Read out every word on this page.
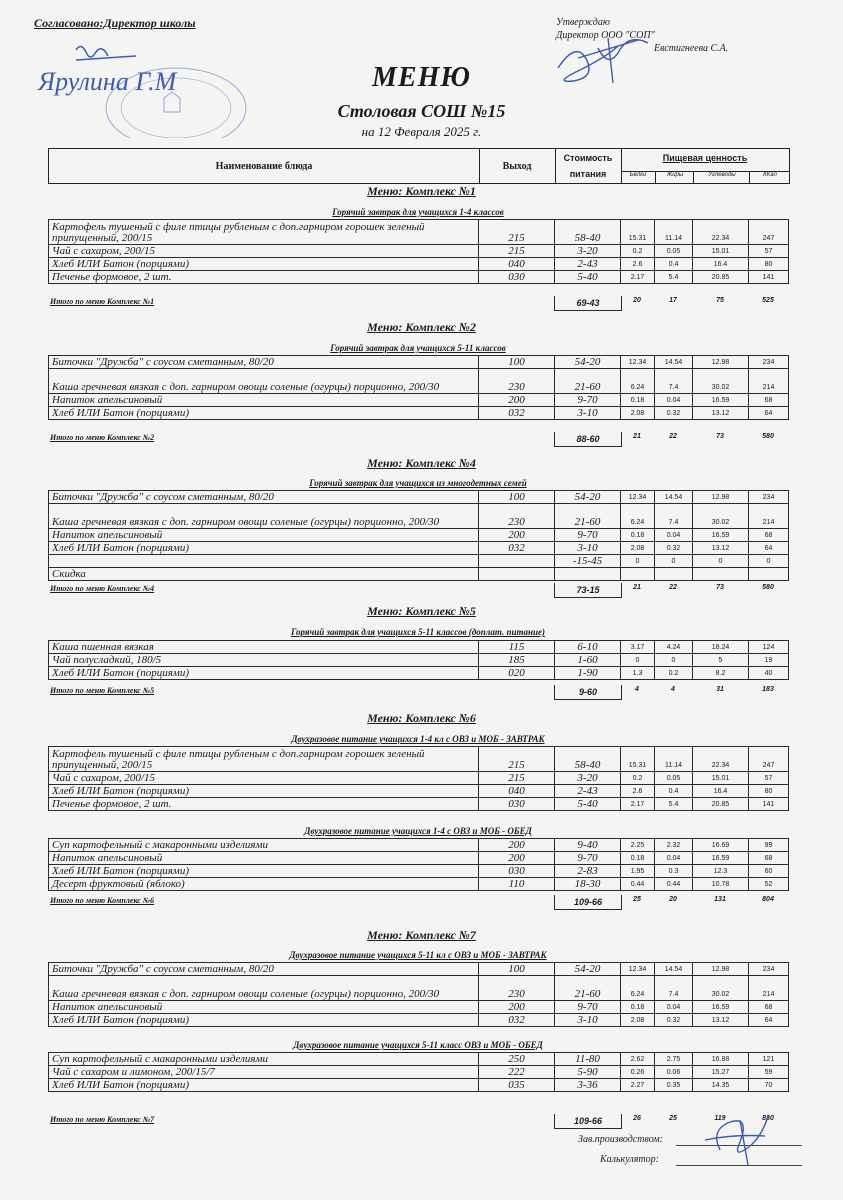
Согласовано:Директор школы	Утверждаю
Директор ООО "СОП"
Евстигнеева С.А.
Ярулина Г.М	МЕНЮ
Столовая СОШ №15
на 12 Февраля 2025 г.
Наименование блюда	Выход
Стоимость
питания
Пищевая ценность
Белки	Жиры	Углеводы	ККал
Меню: Комплекс №1
Горячий завтрак для учащихся 1-4 классов
Картофель тушеный с филе птицы рубленым с доп.гарниром горошек зеленый припущенный, 200/15	215	58-40	15.31	11.14	22.34	247
Чай с сахаром, 200/15	215	3-20	0.2	0.05	15.01	57
Хлеб ИЛИ Батон (порциями)	040	2-43	2.6	0.4	16.4	80
Печенье формовое, 2 шт.	030	5-40	2.17	5.4	20.85	141
Итого по меню Комплекс №1	69-43	20	17	75	525
Меню: Комплекс №2
Горячий завтрак для учащихся 5-11 классов
Биточки "Дружба" с соусом сметанным, 80/20	100	54-20	12.34	14.54	12.98	234
Каша гречневая вязкая с доп. гарниром овощи соленые (огурцы) порционно, 200/30	230	21-60	6.24	7.4	30.02	214
Напиток апельсиновый	200	9-70	0.18	0.04	16.59	68
Хлеб ИЛИ Батон (порциями)	032	3-10	2.08	0.32	13.12	64
Итого по меню Комплекс №2	88-60	21	22	73	580
Меню: Комплекс №4
Горячий завтрак для учащихся из многодетных семей
Биточки "Дружба" с соусом сметанным, 80/20	100	54-20	12.34	14.54	12.98	234
Каша гречневая вязкая с доп. гарниром овощи соленые (огурцы) порционно, 200/30	230	21-60	6.24	7.4	30.02	214
Напиток апельсиновый	200	9-70	0.18	0.04	16.59	68
Хлеб ИЛИ Батон (порциями)	032	3-10	2.08	0.32	13.12	64
		-15-45	0	0	0	0
Скидка						
Итого по меню Комплекс №4	73-15	21	22	73	580
Меню: Комплекс №5
Горячий завтрак для учащихся 5-11 классов (доплат. питание)
Каша пшенная вязкая	115	6-10	3.17	4.24	18.24	124
Чай полусладкий, 180/5	185	1-60	0	0	5	19
Хлеб ИЛИ Батон (порциями)	020	1-90	1.3	0.2	8.2	40
Итого по меню Комплекс №5	9-60	4	4	31	183
Меню: Комплекс №6
Двухразовое питание учащихся 1-4 кл с ОВЗ и МОБ - ЗАВТРАК
Картофель тушеный с филе птицы рубленым с доп.гарниром горошек зеленый припущенный, 200/15	215	58-40	15.31	11.14	22.34	247
Чай с сахаром, 200/15	215	3-20	0.2	0.05	15.01	57
Хлеб ИЛИ Батон (порциями)	040	2-43	2.6	0.4	16.4	80
Печенье формовое, 2 шт.	030	5-40	2.17	5.4	20.85	141
Двухразовое питание учащихся 1-4 с ОВЗ и МОБ - ОБЕД
Суп картофельный с макаронными изделиями	200	9-40	2.25	2.32	16.69	99
Напиток апельсиновый	200	9-70	0.18	0.04	16.59	68
Хлеб ИЛИ Батон (порциями)	030	2-83	1.95	0.3	12.3	60
Десерт фруктовый (яблоко)	110	18-30	0.44	0.44	10.78	52
Итого по меню Комплекс №6	109-66	25	20	131	804
Меню: Комплекс №7
Двухразовое питание учащихся 5-11 кл с ОВЗ и МОБ - ЗАВТРАК
Биточки "Дружба" с соусом сметанным, 80/20	100	54-20	12.34	14.54	12.98	234
Каша гречневая вязкая с доп. гарниром овощи соленые (огурцы) порционно, 200/30	230	21-60	6.24	7.4	30.02	214
Напиток апельсиновый	200	9-70	0.18	0.04	16.59	68
Хлеб ИЛИ Батон (порциями)	032	3-10	2.08	0.32	13.12	64
Двухразовое питание учащихся 5-11 класс ОВЗ и МОБ - ОБЕД
Суп картофельный с макаронными изделиями	250	11-80	2.62	2.75	16.88	121
Чай с сахаром и лимоном, 200/15/7	222	5-90	0.26	0.06	15.27	59
Хлеб ИЛИ Батон (порциями)	035	3-36	2.27	0.35	14.35	70
Итого по меню Комплекс №7	109-66	26	25	119	830
Зав.производством:
Калькулятор:
